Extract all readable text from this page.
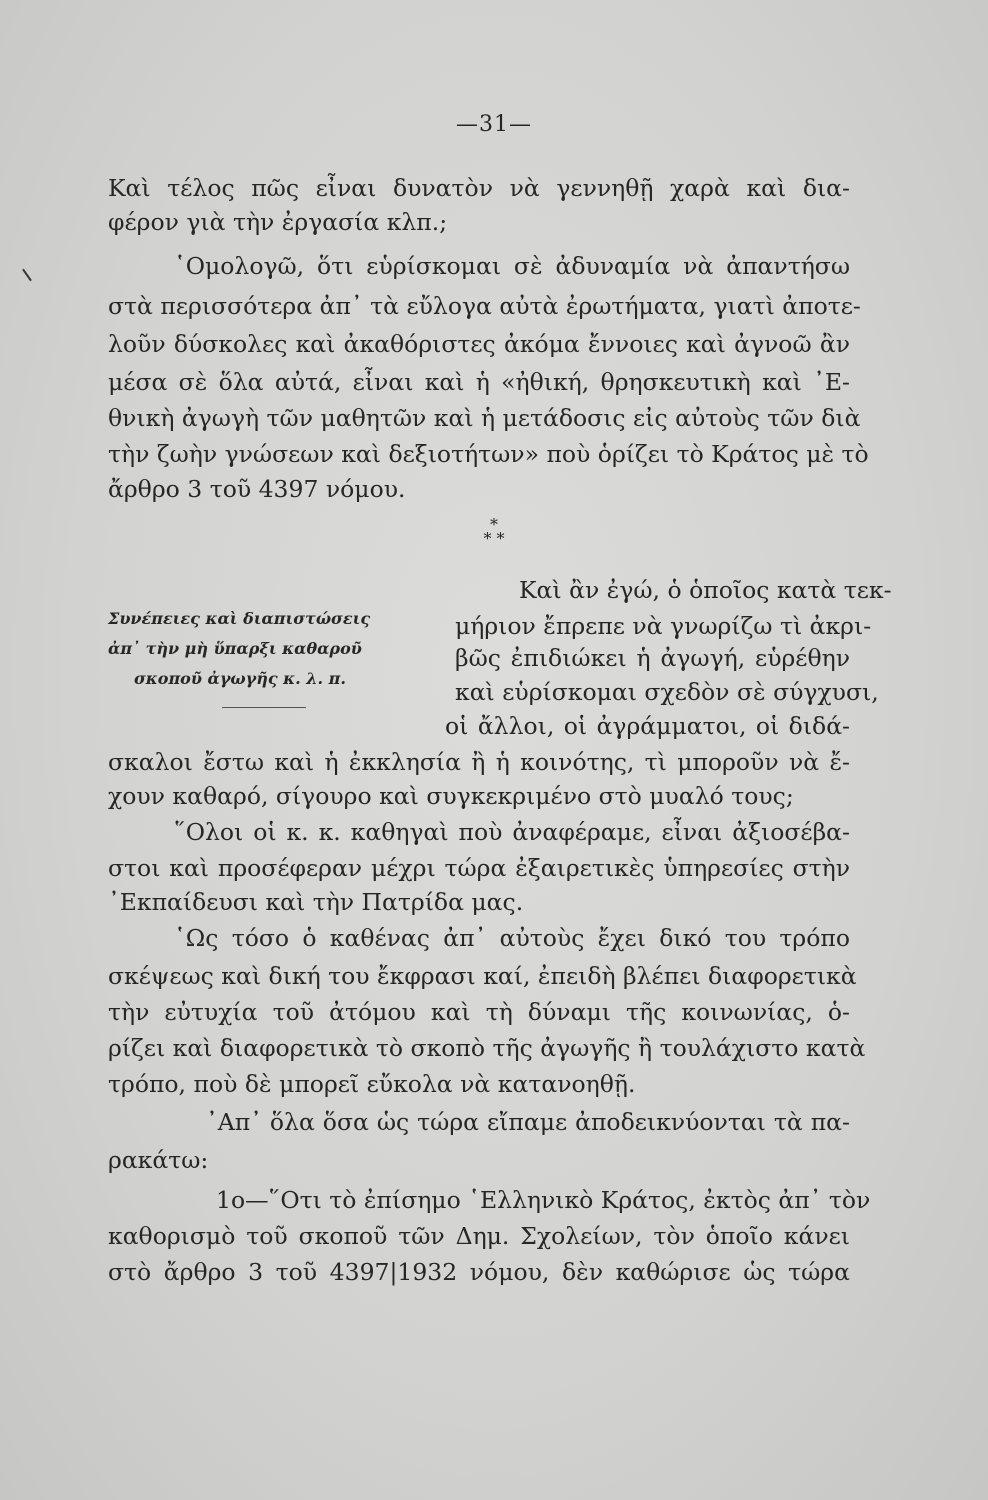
—31—
Καὶ τέλος πῶς εἶναι δυνατὸν νὰ γεννηθῇ χαρὰ καὶ δια-
φέρον γιὰ τὴν ἐργασία κλπ.;
῾Ομολογῶ, ὅτι εὑρίσκομαι σὲ ἀδυναμία νὰ ἀπαντήσω
στὰ περισσότερα ἀπ᾿ τὰ εὔλογα αὐτὰ ἐρωτήματα, γιατὶ ἀποτε-
λοῦν δύσκολες καὶ ἀκαθόριστες ἀκόμα ἔννοιες καὶ ἀγνοῶ ἂν
μέσα σὲ ὅλα αὐτά, εἶναι καὶ ἡ «ἠθική, θρησκευτικὴ καὶ ᾿Ε-
θνικὴ ἀγωγὴ τῶν μαθητῶν καὶ ἡ μετάδοσις εἰς αὐτοὺς τῶν διὰ
τὴν ζωὴν γνώσεων καὶ δεξιοτήτων» ποὺ ὁρίζει τὸ Κράτος μὲ τὸ
ἄρθρο 3 τοῦ 4397 νόμου.
*
* *
Συνέπειες καὶ διαπιστώσεις
ἀπ᾿ τὴν μὴ ὕπαρξι καθαροῦ
σκοποῦ ἀγωγῆς κ. λ. π.
Καὶ ἂν ἐγώ, ὁ ὁποῖος κατὰ τεκ-
μήριον ἔπρεπε νὰ γνωρίζω τὶ ἀκρι-
βῶς ἐπιδιώκει ἡ ἀγωγή, εὑρέθην
καὶ εὑρίσκομαι σχεδὸν σὲ σύγχυσι,
οἱ ἄλλοι, οἱ ἀγράμματοι, οἱ διδά-
σκαλοι ἔστω καὶ ἡ ἐκκλησία ἢ ἡ κοινότης, τὶ μποροῦν νὰ ἔ-
χουν καθαρό, σίγουρο καὶ συγκεκριμένο στὸ μυαλό τους;
῞Ολοι οἱ κ. κ. καθηγαὶ ποὺ ἀναφέραμε, εἶναι ἀξιοσέβα-
στοι καὶ προσέφεραν μέχρι τώρα ἐξαιρετικὲς ὑπηρεσίες στὴν
᾿Εκπαίδευσι καὶ τὴν Πατρίδα μας.
῾Ως τόσο ὁ καθένας ἀπ᾿ αὐτοὺς ἔχει δικό του τρόπο
σκέψεως καὶ δική του ἔκφρασι καί, ἐπειδὴ βλέπει διαφορετικὰ
τὴν εὐτυχία τοῦ ἀτόμου καὶ τὴ δύναμι τῆς κοινωνίας, ὁ-
ρίζει καὶ διαφορετικὰ τὸ σκοπὸ τῆς ἀγωγῆς ἢ τουλάχιστο κατὰ
τρόπο, ποὺ δὲ μπορεῖ εὔκολα νὰ κατανοηθῇ.
᾿Απ᾿ ὅλα ὅσα ὡς τώρα εἴπαμε ἀποδεικνύονται τὰ πα-
ρακάτω:
1ο—῞Οτι τὸ ἐπίσημο ῾Ελληνικὸ Κράτος, ἐκτὸς ἀπ᾿ τὸν
καθορισμὸ τοῦ σκοποῦ τῶν Δημ. Σχολείων, τὸν ὁποῖο κάνει
στὸ ἄρθρο 3 τοῦ 4397|1932 νόμου, δὲν καθώρισε ὡς τώρα
